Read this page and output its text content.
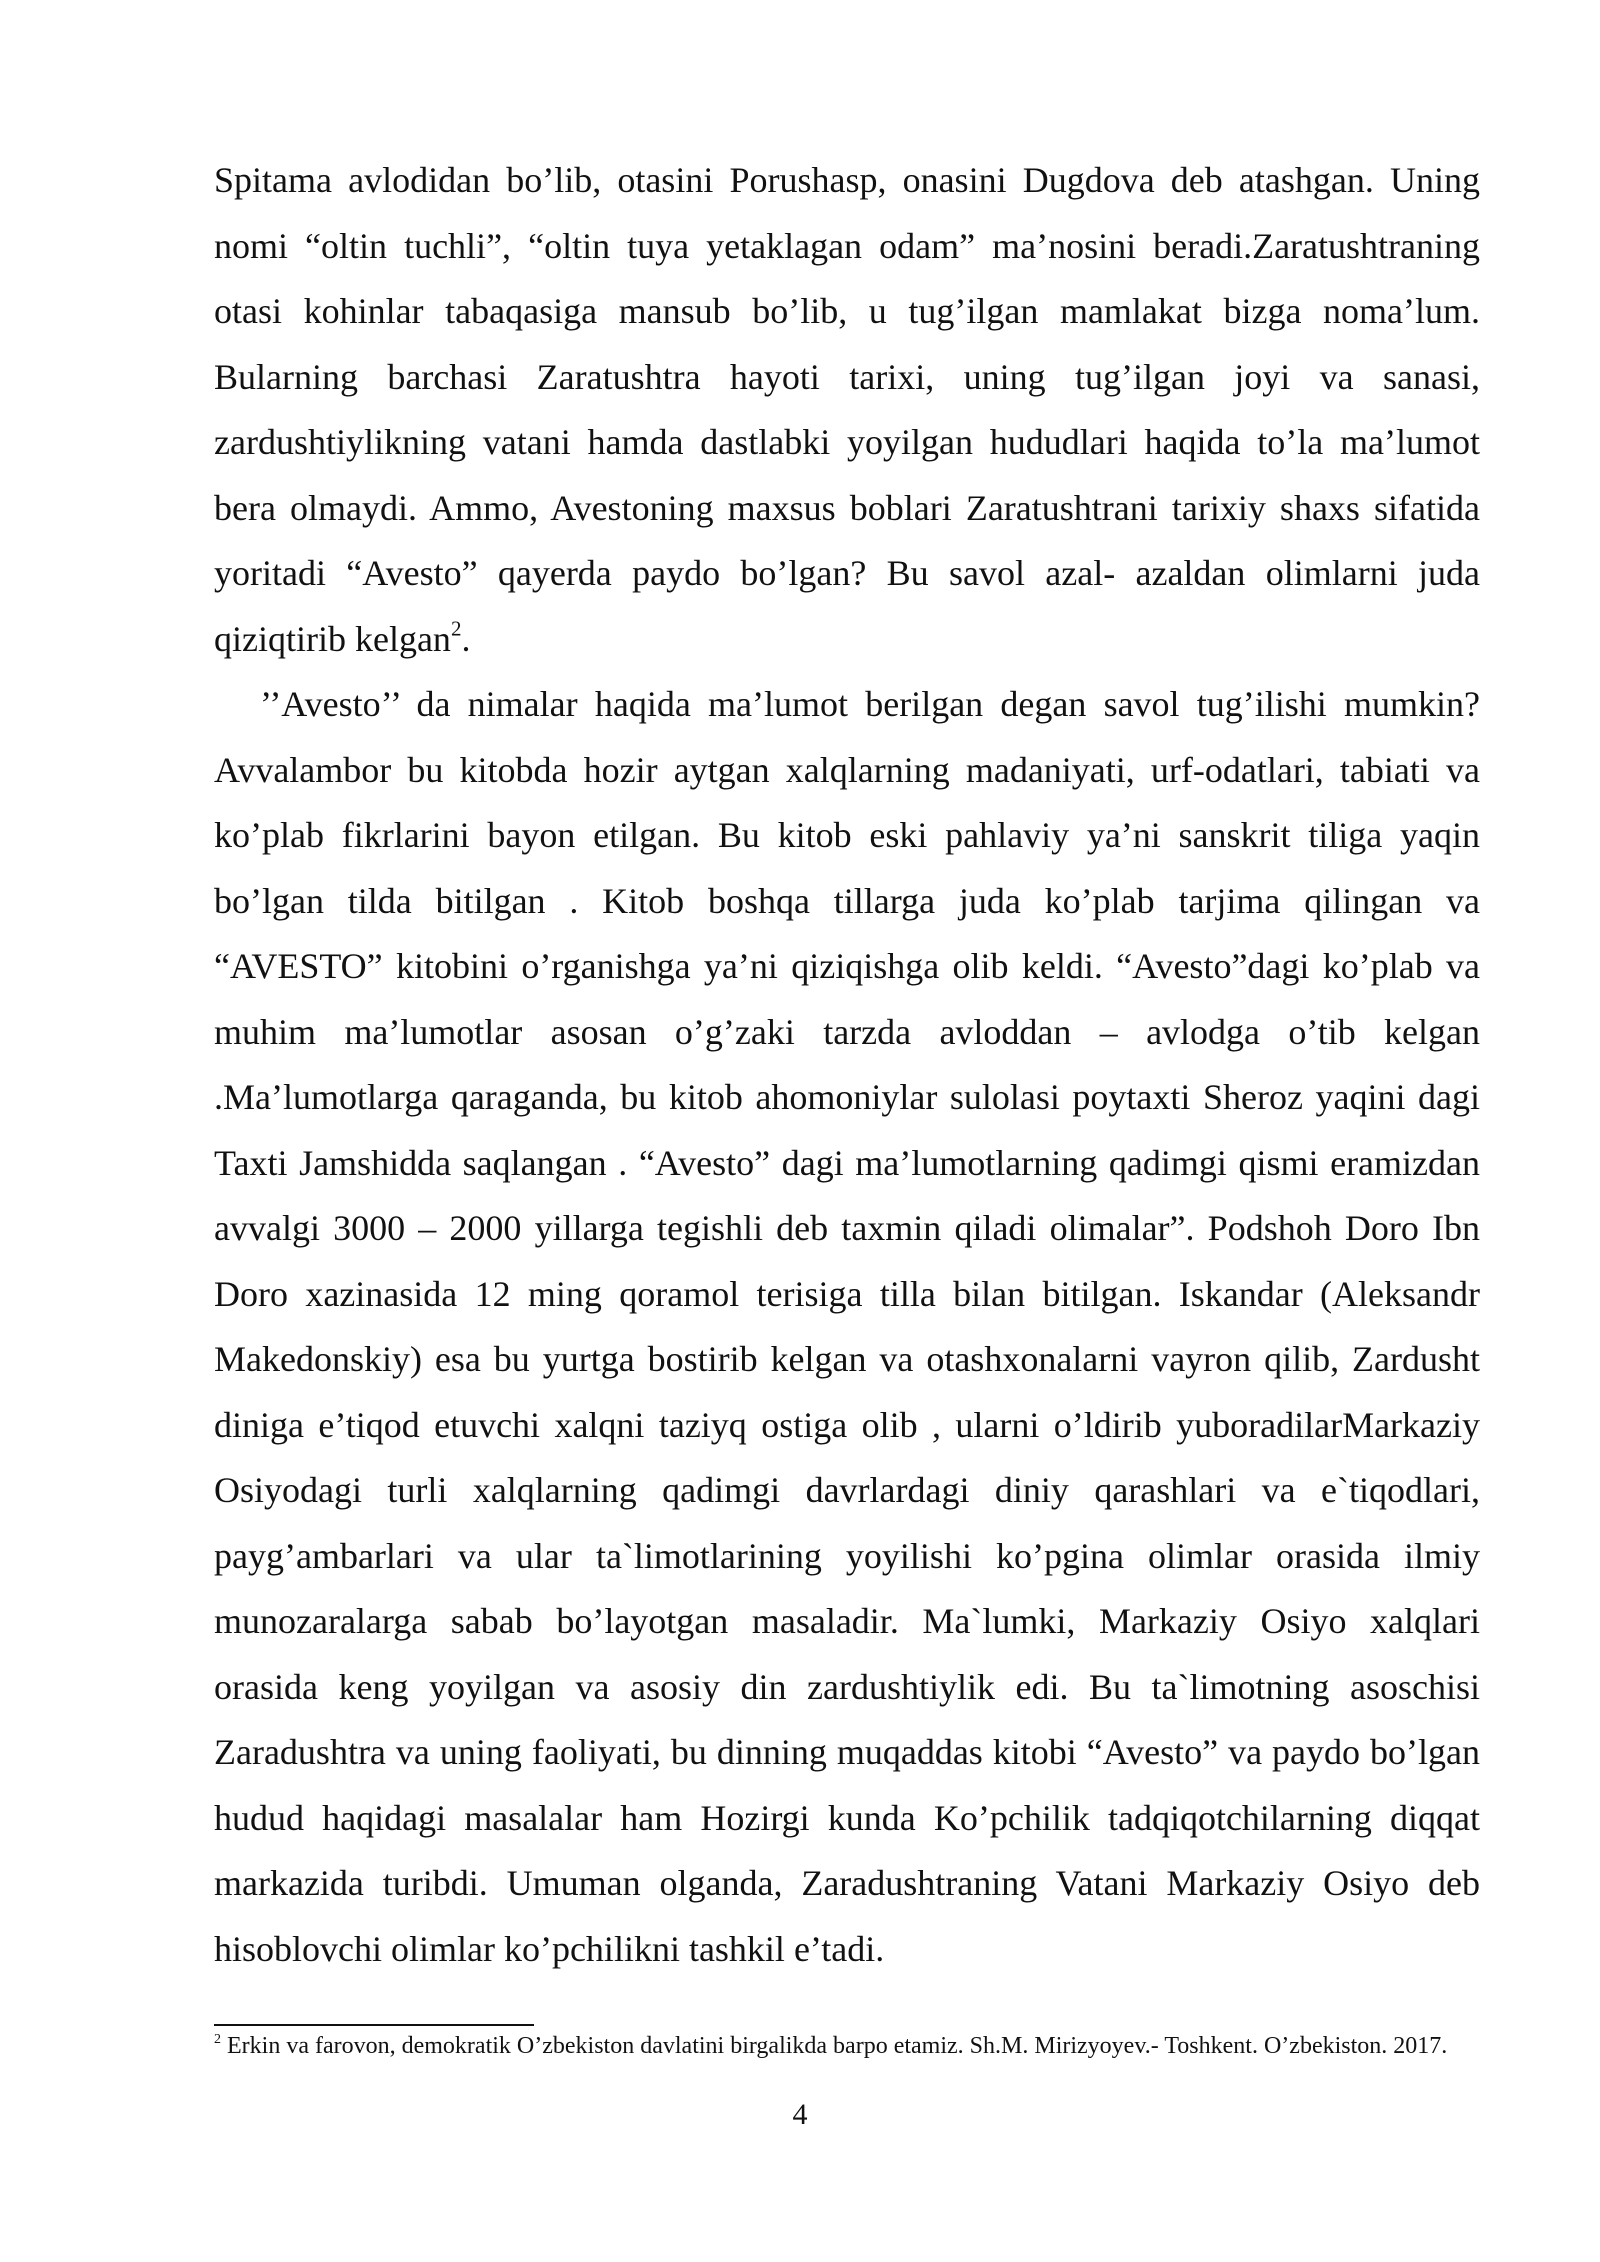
Spitama avlodidan bo’lib, otasini Porushasp, onasini Dugdova deb atashgan. Uning nomi “oltin tuchli”, “oltin tuya yetaklagan odam” ma’nosini beradi.Zaratushtraning otasi kohinlar tabaqasiga mansub bo’lib, u tug’ilgan mamlakat bizga noma’lum. Bularning barchasi Zaratushtra hayoti tarixi, uning tug’ilgan joyi va sanasi, zardushtiylikning vatani hamda dastlabki yoyilgan hududlari haqida to’la ma’lumot bera olmaydi. Ammo, Avestoning maxsus boblari Zaratushtrani tarixiy shaxs sifatida yoritadi “Avesto” qayerda paydo bo’lgan? Bu savol azal- azaldan olimlarni juda qiziqtirib kelgan$^2$.

’’Avesto’’ da nimalar haqida ma’lumot berilgan degan savol tug’ilishi mumkin? Avvalambor bu kitobda hozir aytgan xalqlarning madaniyati, urf-odatlari, tabiati va ko’plab fikrlarini bayon etilgan. Bu kitob eski pahlaviy ya’ni sanskrit tiliga yaqin bo’lgan tilda bitilgan . Kitob boshqa tillarga juda ko’plab tarjima qilingan va “AVESTO” kitobini o’rganishga ya’ni qiziqishga olib keldi. “Avesto”dagi ko’plab va muhim ma’lumotlar asosan o’g’zaki tarzda avloddan – avlodga o’tib kelgan .Ma’lumotlarga qaraganda, bu kitob ahomoniylar sulolasi poytaxti Sheroz yaqini dagi Taxti Jamshidda saqlangan . “Avesto” dagi ma’lumotlarning qadimgi qismi eramizdan avvalgi 3000 – 2000 yillarga tegishli deb taxmin qiladi olimalar”. Podshoh Doro Ibn Doro xazinasida 12 ming qoramol terisiga tilla bilan bitilgan. Iskandar (Aleksandr Makedonskiy) esa bu yurtga bostirib kelgan va otashxonalarni vayron qilib, Zardusht diniga e’tiqod etuvchi xalqni taziyq ostiga olib , ularni o’ldirib yuboradilarMarkaziy Osiyodagi turli xalqlarning qadimgi davrlardagi diniy qarashlari va e`tiqodlari, payg’ambarlari va ular ta`limotlarining yoyilishi ko’pgina olimlar orasida ilmiy munozaralarga sabab bo’layotgan masaladir. Ma`lumki, Markaziy Osiyo xalqlari orasida keng yoyilgan va asosiy din zardushtiylik edi. Bu ta`limotning asoschisi Zaradushtra va uning faoliyati, bu dinning muqaddas kitobi “Avesto” va paydo bo’lgan hudud haqidagi masalalar ham Hozirgi kunda Ko’pchilik tadqiqotchilarning diqqat markazida turibdi. Umuman olganda, Zaradushtraning Vatani Markaziy Osiyo deb hisoblovchi olimlar ko’pchilikni tashkil e’tadi.

$^2$ Erkin va farovon, demokratik O’zbekiston davlatini birgalikda barpo etamiz. Sh.M. Mirizyoyev.- Toshkent. O’zbekiston. 2017.
4
